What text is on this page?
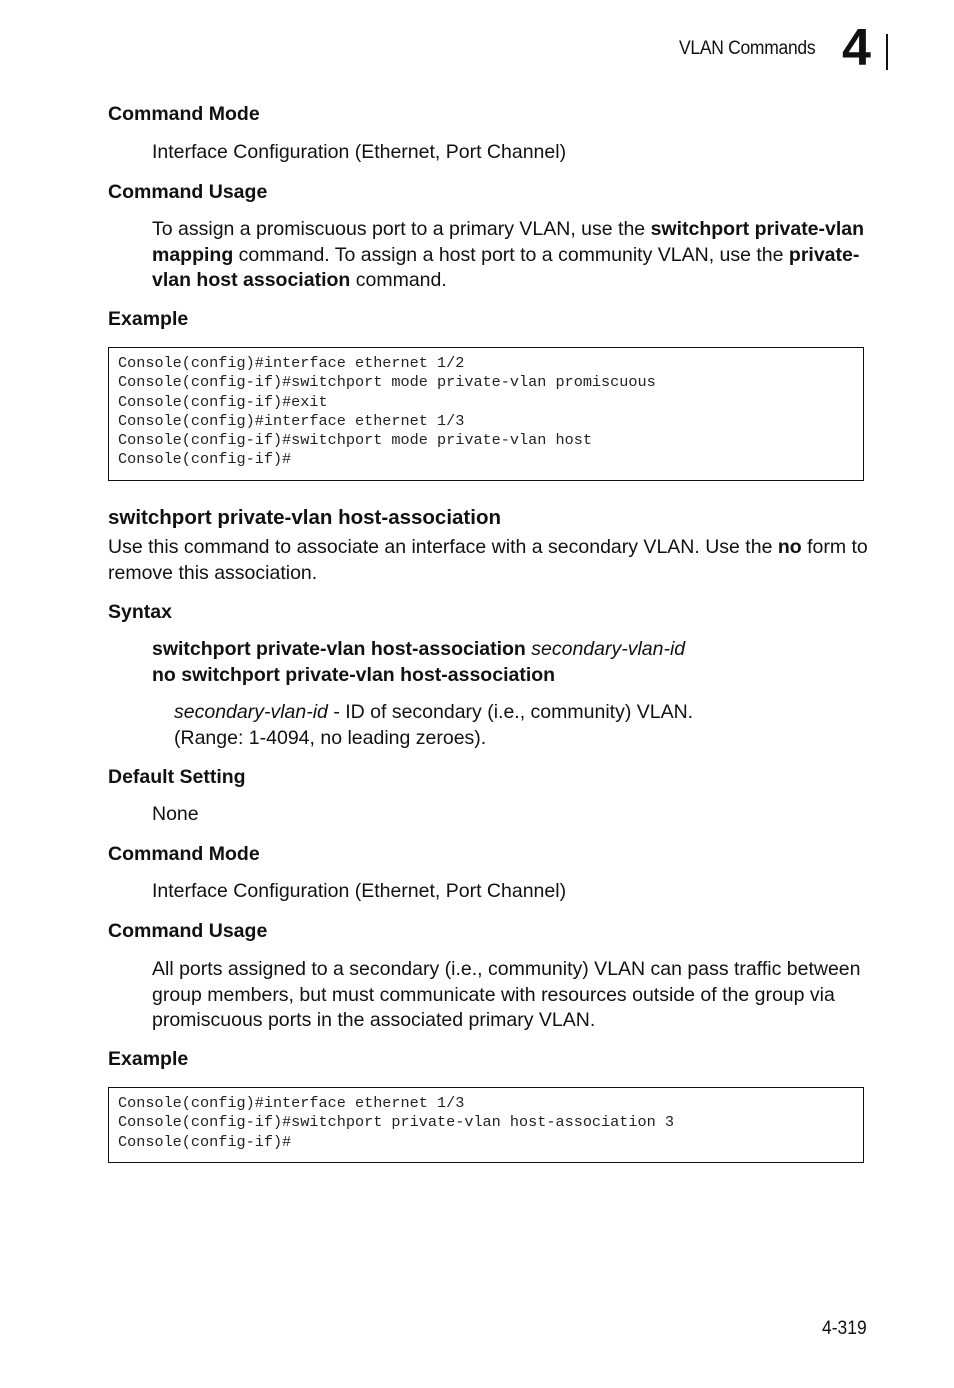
VLAN Commands 4
Command Mode

Interface Configuration (Ethernet, Port Channel)

Command Usage

To assign a promiscuous port to a primary VLAN, use the switchport private-vlan mapping command. To assign a host port to a community VLAN, use the private-vlan host association command.

Example
Console(config)#interface ethernet 1/2
Console(config-if)#switchport mode private-vlan promiscuous
Console(config-if)#exit
Console(config)#interface ethernet 1/3
Console(config-if)#switchport mode private-vlan host
Console(config-if)#
switchport private-vlan host-association

Use this command to associate an interface with a secondary VLAN. Use the no form to remove this association.

Syntax

switchport private-vlan host-association secondary-vlan-id
no switchport private-vlan host-association

secondary-vlan-id - ID of secondary (i.e., community) VLAN.
(Range: 1-4094, no leading zeroes).

Default Setting

None

Command Mode

Interface Configuration (Ethernet, Port Channel)

Command Usage

All ports assigned to a secondary (i.e., community) VLAN can pass traffic between group members, but must communicate with resources outside of the group via promiscuous ports in the associated primary VLAN.

Example
Console(config)#interface ethernet 1/3
Console(config-if)#switchport private-vlan host-association 3
Console(config-if)#
4-319
